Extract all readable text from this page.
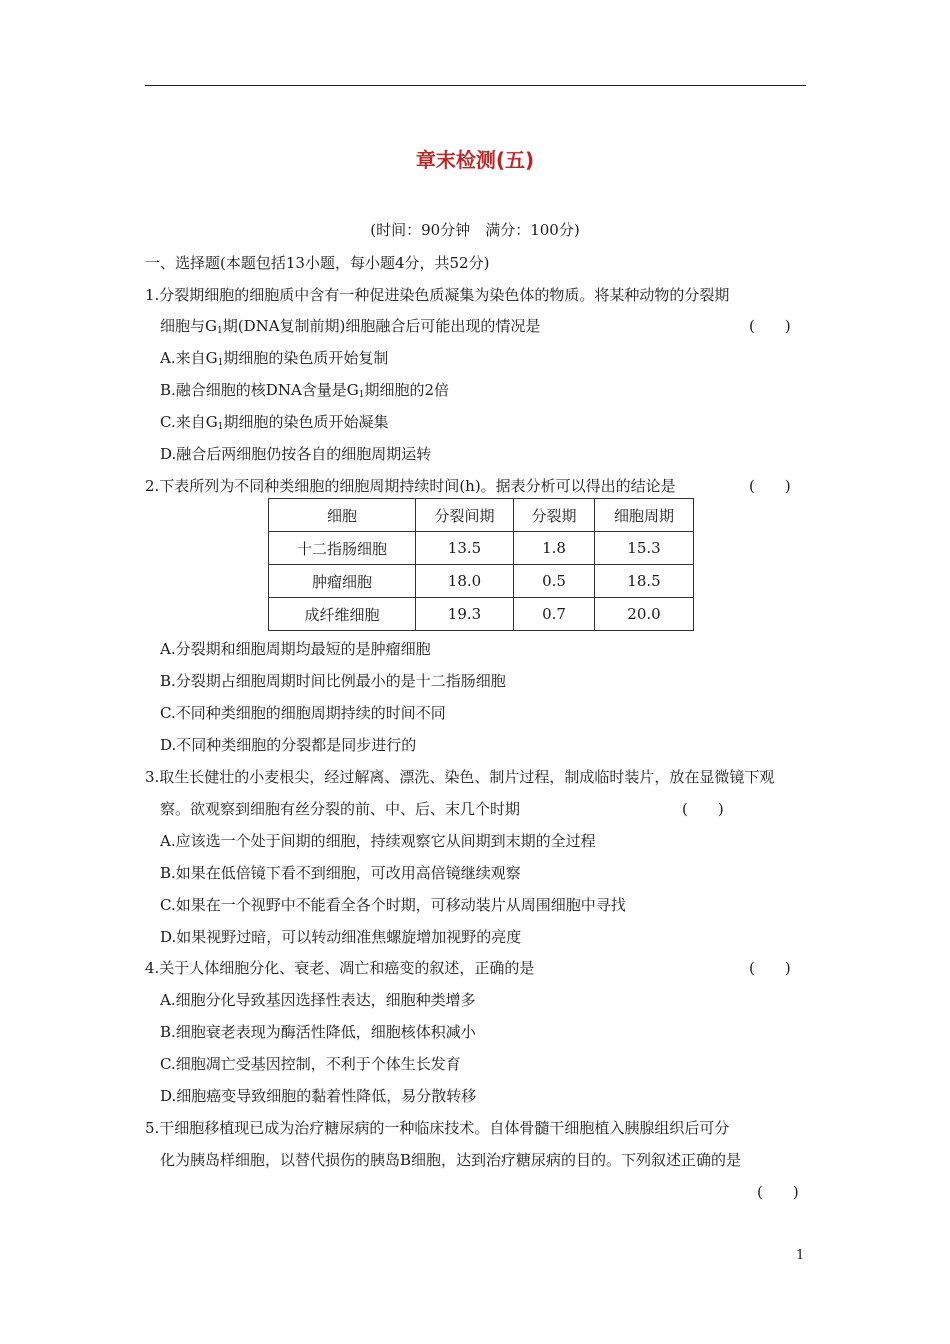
章末检测(五)
(时间：90分钟　满分：100分)
一、选择题(本题包括13小题，每小题4分，共52分)
1.分裂期细胞的细胞质中含有一种促进染色质凝集为染色体的物质。将某种动物的分裂期
细胞与$G_1$期(DNA复制前期)细胞融合后可能出现的情况是	(　　)
A.来自$G_1$期细胞的染色质开始复制
B.融合细胞的核DNA含量是$G_1$期细胞的2倍
C.来自$G_1$期细胞的染色质开始凝集
D.融合后两细胞仍按各自的细胞周期运转
2.下表所列为不同种类细胞的细胞周期持续时间(h)。据表分析可以得出的结论是	(　　)
细胞	分裂间期	分裂期	细胞周期
十二指肠细胞	13.5	1.8	15.3
肿瘤细胞	18.0	0.5	18.5
成纤维细胞	19.3	0.7	20.0
A.分裂期和细胞周期均最短的是肿瘤细胞
B.分裂期占细胞周期时间比例最小的是十二指肠细胞
C.不同种类细胞的细胞周期持续的时间不同
D.不同种类细胞的分裂都是同步进行的
3.取生长健壮的小麦根尖，经过解离、漂洗、染色、制片过程，制成临时装片，放在显微镜下观
察。欲观察到细胞有丝分裂的前、中、后、末几个时期	(　　)
A.应该选一个处于间期的细胞，持续观察它从间期到末期的全过程
B.如果在低倍镜下看不到细胞，可改用高倍镜继续观察
C.如果在一个视野中不能看全各个时期，可移动装片从周围细胞中寻找
D.如果视野过暗，可以转动细准焦螺旋增加视野的亮度
4.关于人体细胞分化、衰老、凋亡和癌变的叙述，正确的是	(　　)
A.细胞分化导致基因选择性表达，细胞种类增多
B.细胞衰老表现为酶活性降低，细胞核体积减小
C.细胞凋亡受基因控制，不利于个体生长发育
D.细胞癌变导致细胞的黏着性降低，易分散转移
5.干细胞移植现已成为治疗糖尿病的一种临床技术。自体骨髓干细胞植入胰腺组织后可分
化为胰岛样细胞，以替代损伤的胰岛B细胞，达到治疗糖尿病的目的。下列叙述正确的是
(　　)
1
